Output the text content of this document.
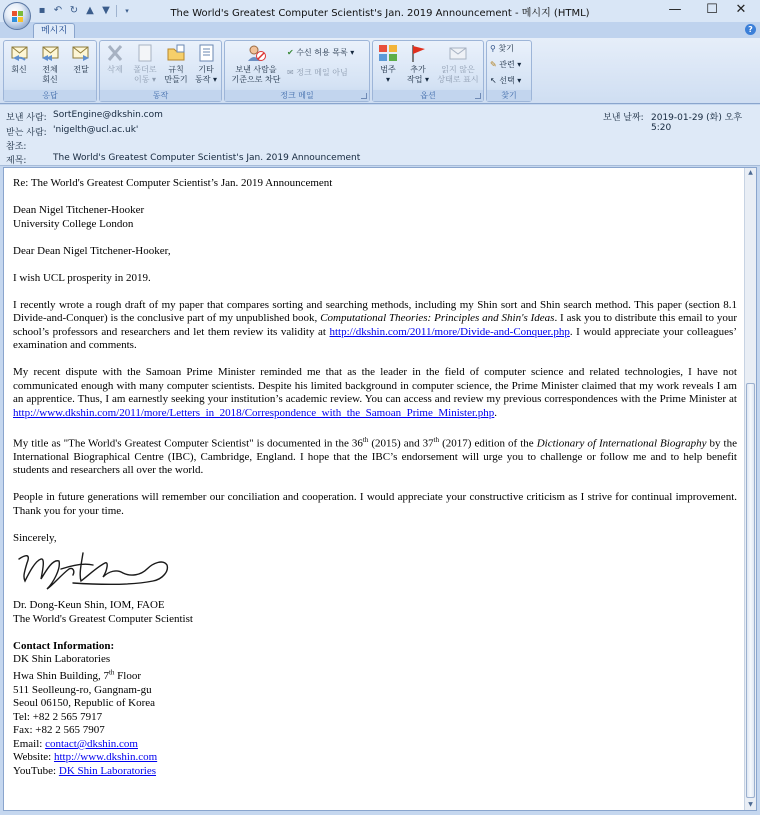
▪ ↶ ↻ ▲ ▼	▾	The World's Greatest Computer Scientist's Jan. 2019 Announcement - 메시지 (HTML)	—	☐	✕
메시지	?
회신	전체
회신
전달
응답
삭제	폴더로
이동 ▾
규칙
만들기
기타
동작 ▾
동작
보낸 사람을
기준으로 차단
✔ 수신 허용 목록 ▾
✉ 정크 메일 아님
정크 메일
범주
▾
추가
작업 ▾
읽지 않은
상태로 표시
옵션
⚲ 찾기
✎ 관련 ▾
↖ 선택 ▾
찾기
보낸 사람: SortEngine@dkshin.com
받는 사람: 'nigelth@ucl.ac.uk'
참조:
제목:	The World's Greatest Computer Scientist's Jan. 2019 Announcement
보낸 날짜: 2019-01-29 (화) 오후 5:20

Re: The World's Greatest Computer Scientist’s Jan. 2019 Announcement

Dean Nigel Titchener-Hooker
University College London

Dear Dean Nigel Titchener-Hooker,

I wish UCL prosperity in 2019.

I recently wrote a rough draft of my paper that compares sorting and searching methods, including my Shin sort and Shin search method. This paper (section 8.1 Divide-and-Conquer) is the conclusive part of my unpublished book, Computational Theories: Principles and Shin's Ideas. I ask you to distribute this email to your school’s professors and researchers and let them review its validity at http://dkshin.com/2011/more/Divide-and-Conquer.php. I would appreciate your colleagues’ examination and comments.

My recent dispute with the Samoan Prime Minister reminded me that as the leader in the field of computer science and related technologies, I have not communicated enough with many computer scientists. Despite his limited background in computer science, the Prime Minister claimed that my work reveals I am an apprentice. Thus, I am earnestly seeking your institution’s academic review. You can access and review my previous correspondences with the Prime Minister at http://www.dkshin.com/2011/more/Letters_in_2018/Correspondence_with_the_Samoan_Prime_Minister.php.

My title as "The World's Greatest Computer Scientist" is documented in the 36th (2015) and 37th (2017) edition of the Dictionary of International Biography by the International Biographical Centre (IBC), Cambridge, England. I hope that the IBC’s endorsement will urge you to challenge or follow me and to help benefit students and researchers all over the world.

People in future generations will remember our conciliation and cooperation. I would appreciate your constructive criticism as I strive for continual improvement. Thank you for your time.

Sincerely,

Dr. Dong-Keun Shin, IOM, FAOE
The World's Greatest Computer Scientist

Contact Information:
DK Shin Laboratories
Hwa Shin Building, 7th Floor
511 Seolleung-ro, Gangnam-gu
Seoul 06150, Republic of Korea
Tel: +82 2 565 7917
Fax: +82 2 565 7907
Email: contact@dkshin.com
Website: http://www.dkshin.com
YouTube: DK Shin Laboratories
▲
▼
